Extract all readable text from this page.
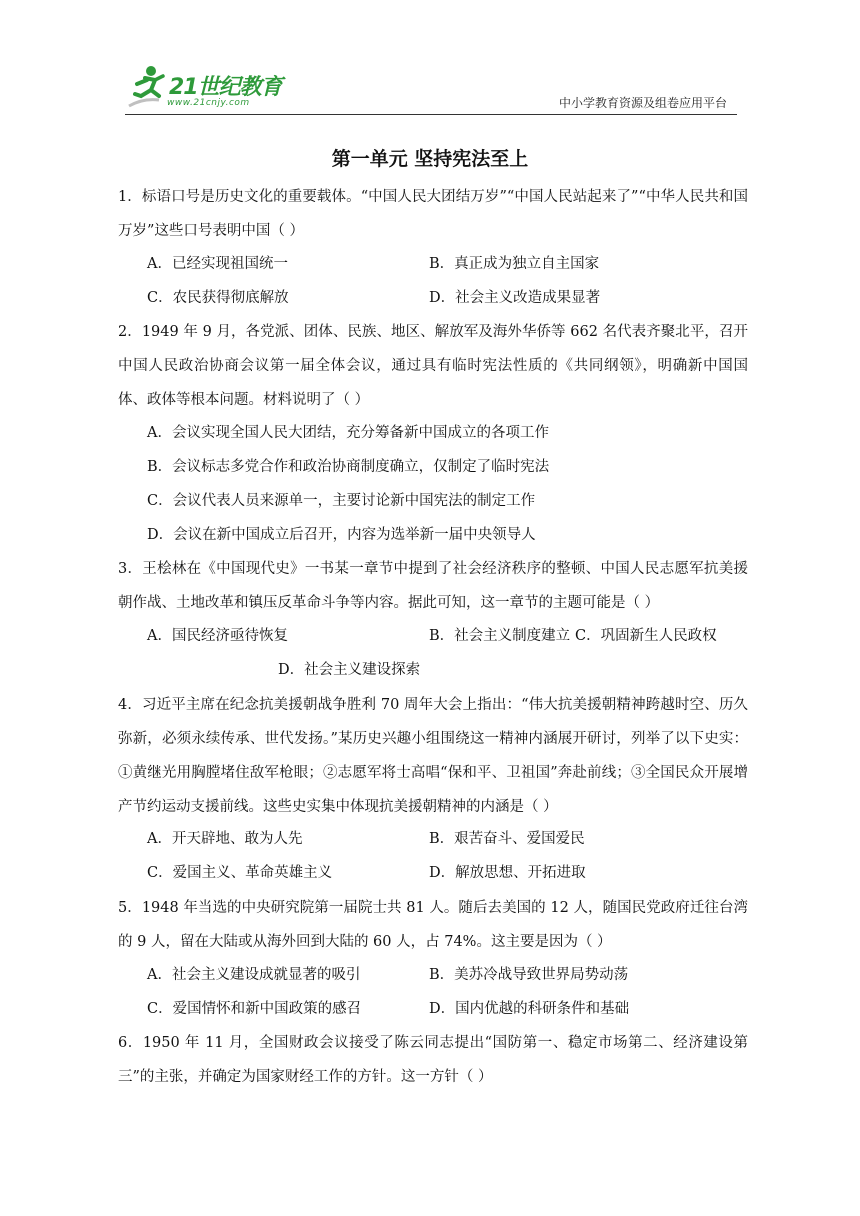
21世纪教育
www.21cnjy.com	中小学教育资源及组卷应用平台
第一单元 坚持宪法至上
1．标语口号是历史文化的重要载体。“中国人民大团结万岁”“中国人民站起来了”“中华人民共和国万岁”这些口号表明中国（ ）
A．已经实现祖国统一	B．真正成为独立自主国家
C．农民获得彻底解放	D．社会主义改造成果显著
2．1949 年 9 月，各党派、团体、民族、地区、解放军及海外华侨等 662 名代表齐聚北平，召开中国人民政治协商会议第一届全体会议，通过具有临时宪法性质的《共同纲领》，明确新中国国体、政体等根本问题。材料说明了（ ）
A．会议实现全国人民大团结，充分筹备新中国成立的各项工作
B．会议标志多党合作和政治协商制度确立，仅制定了临时宪法
C．会议代表人员来源单一，主要讨论新中国宪法的制定工作
D．会议在新中国成立后召开，内容为选举新一届中央领导人
3．王桧林在《中国现代史》一书某一章节中提到了社会经济秩序的整顿、中国人民志愿军抗美援朝作战、土地改革和镇压反革命斗争等内容。据此可知，这一章节的主题可能是（ ）
A．国民经济亟待恢复	B．社会主义制度建立 C．巩固新生人民政权
D．社会主义建设探索
4．习近平主席在纪念抗美援朝战争胜利 70 周年大会上指出：“伟大抗美援朝精神跨越时空、历久弥新，必须永续传承、世代发扬。”某历史兴趣小组围绕这一精神内涵展开研讨，列举了以下史实：①黄继光用胸膛堵住敌军枪眼；②志愿军将士高唱“保和平、卫祖国”奔赴前线；③全国民众开展增产节约运动支援前线。这些史实集中体现抗美援朝精神的内涵是（ ）
A．开天辟地、敢为人先	B．艰苦奋斗、爱国爱民
C．爱国主义、革命英雄主义	D．解放思想、开拓进取
5．1948 年当选的中央研究院第一届院士共 81 人。随后去美国的 12 人，随国民党政府迁往台湾的 9 人，留在大陆或从海外回到大陆的 60 人，占 74%。这主要是因为（ ）
A．社会主义建设成就显著的吸引	B．美苏冷战导致世界局势动荡
C．爱国情怀和新中国政策的感召	D．国内优越的科研条件和基础
6．1950 年 11 月，全国财政会议接受了陈云同志提出“国防第一、稳定市场第二、经济建设第三”的主张，并确定为国家财经工作的方针。这一方针（ ）
